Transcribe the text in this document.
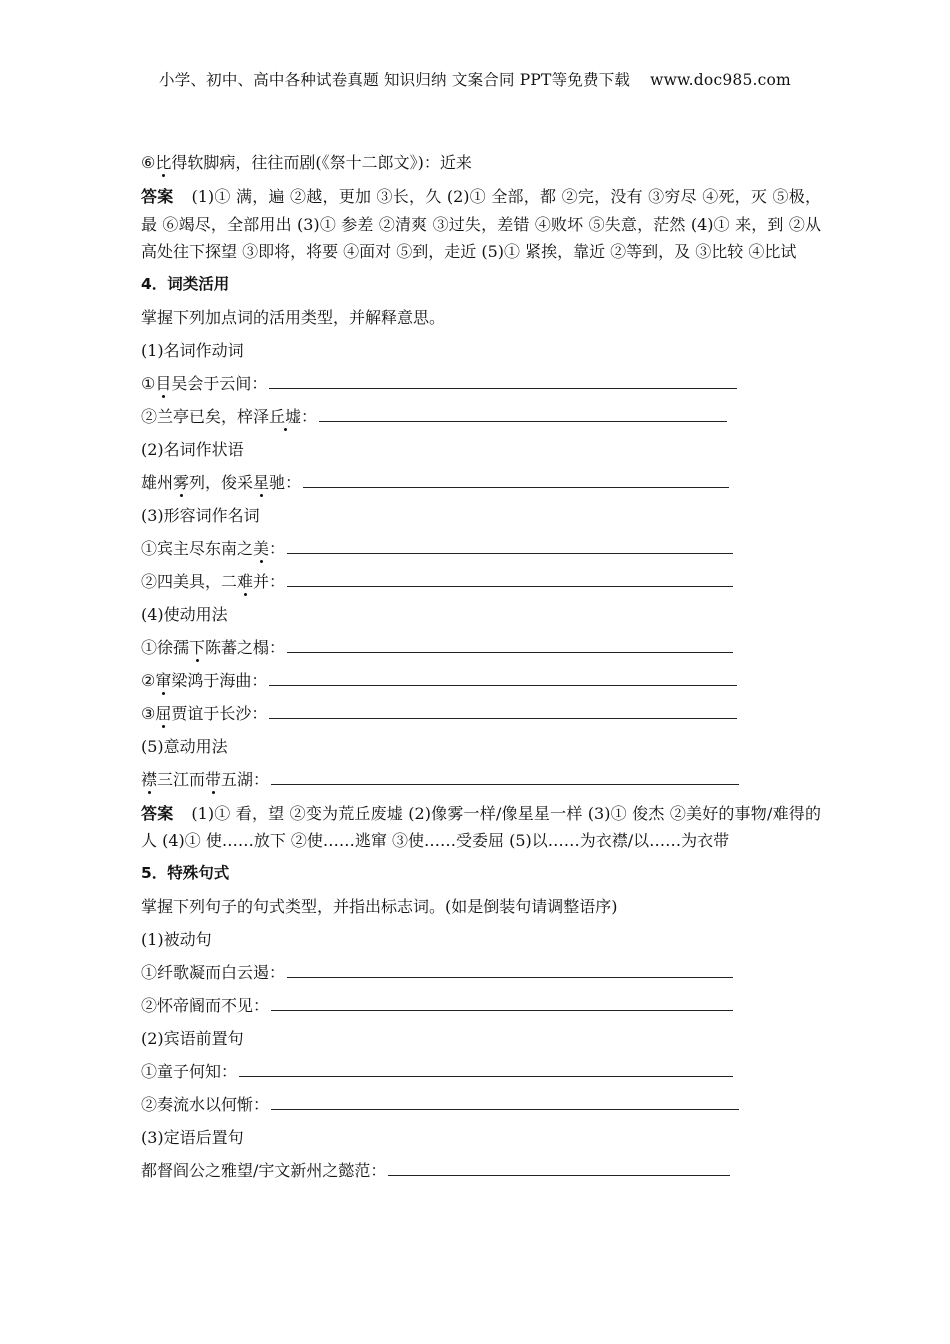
小学、初中、高中各种试卷真题 知识归纳 文案合同 PPT等免费下载 www.doc985.com
⑥比得软脚病，往往而剧(《祭十二郎文》)：近来
答案 (1)① 满，遍 ②越，更加 ③长，久 (2)① 全部，都 ②完，没有 ③穷尽 ④死，灭 ⑤极，最 ⑥竭尽，全部用出 (3)① 参差 ②清爽 ③过失，差错 ④败坏 ⑤失意，茫然 (4)① 来，到 ②从高处往下探望 ③即将，将要 ④面对 ⑤到，走近 (5)① 紧挨，靠近 ②等到，及 ③比较 ④比试
4．词类活用
掌握下列加点词的活用类型，并解释意思。
(1)名词作动词
①目吴会于云间：
②兰亭已矣，梓泽丘墟：
(2)名词作状语
雄州雾列，俊采星驰：
(3)形容词作名词
①宾主尽东南之美：
②四美具，二难并：
(4)使动用法
①徐孺下陈蕃之榻：
②窜梁鸿于海曲：
③屈贾谊于长沙：
(5)意动用法
襟三江而带五湖：
答案 (1)① 看，望 ②变为荒丘废墟 (2)像雾一样/像星星一样 (3)① 俊杰 ②美好的事物/难得的人 (4)① 使……放下 ②使……逃窜 ③使……受委屈 (5)以……为衣襟/以……为衣带
5．特殊句式
掌握下列句子的句式类型，并指出标志词。(如是倒装句请调整语序)
(1)被动句
①纤歌凝而白云遏：
②怀帝阍而不见：
(2)宾语前置句
①童子何知：
②奏流水以何惭：
(3)定语后置句
都督阎公之雅望/宇文新州之懿范：
